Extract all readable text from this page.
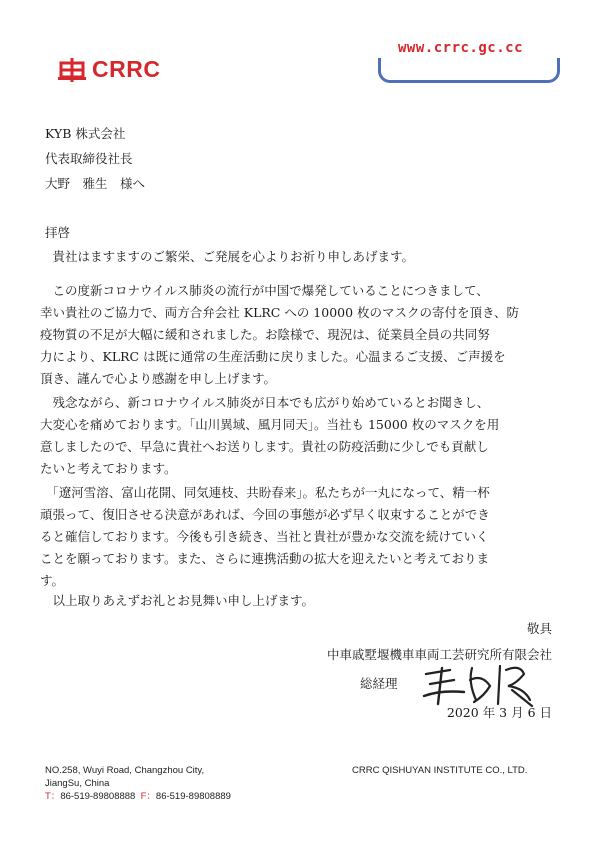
CRRC
www.crrc.gc.cc
KYB 株式会社
代表取締役社長
大野　雅生　様へ
拝啓
　貴社はますますのご繁栄、ご発展を心よりお祈り申しあげます。
　この度新コロナウイルス肺炎の流行が中国で爆発していることにつきまして、
幸い貴社のご協力で、両方合弁会社 KLRC への 10000 枚のマスクの寄付を頂き、防
疫物質の不足が大幅に緩和されました。お陰様で、現況は、従業員全員の共同努
力により、KLRC は既に通常の生産活動に戻りました。心温まるご支援、ご声援を
頂き、謹んで心より感謝を申し上げます。
　残念ながら、新コロナウイルス肺炎が日本でも広がり始めているとお聞きし、
大変心を痛めております。「山川異域、風月同天」。当社も 15000 枚のマスクを用
意しましたので、早急に貴社へお送りします。貴社の防疫活動に少しでも貢献し
たいと考えております。
　「遼河雪溶、富山花開、同気連枝、共盼春来」。私たちが一丸になって、精一杯
頑張って、復旧させる決意があれば、今回の事態が必ず早く収束することができ
ると確信しております。今後も引き続き、当社と貴社が豊かな交流を続けていく
ことを願っております。また、さらに連携活動の拡大を迎えたいと考えておりま
す。
　以上取りあえずお礼とお見舞い申し上げます。
敬具
中車戚墅堰機車車両工芸研究所有限会社
総経理
2020 年 3 月 6 日
NO.258, Wuyi Road, Changzhou City,
JiangSu, China
T：86-519-89808888 F：86-519-89808889
CRRC QISHUYAN INSTITUTE CO., LTD.
